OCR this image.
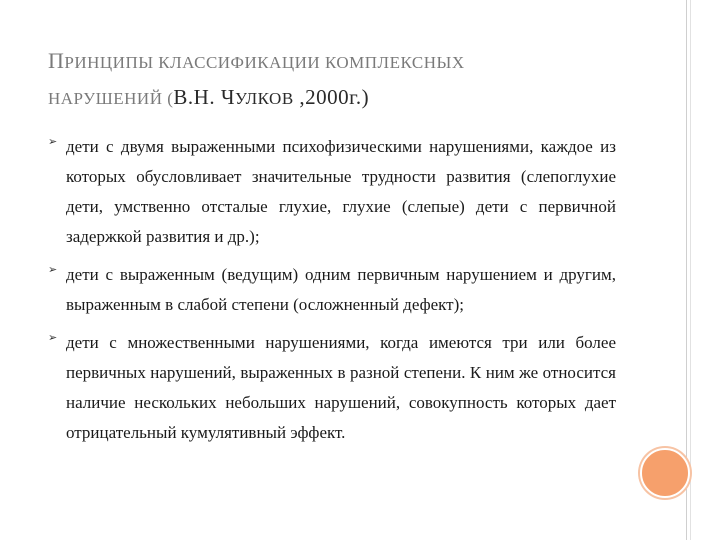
ПРИНЦИПЫ КЛАССИФИКАЦИИ КОМПЛЕКСНЫХ
НАРУШЕНИЙ (В.Н. ЧУЛКОВ ,2000г.)
➢ дети с двумя выраженными психофизическими нарушениями, каждое из которых обусловливает значительные трудности развития (слепоглухие дети, умственно отсталые глухие, глухие (слепые) дети с первичной задержкой развития и др.);
➢ дети с выраженным (ведущим) одним первичным нарушением и другим, выраженным в слабой степени (осложненный дефект);
➢ дети с множественными нарушениями, когда имеются три или более первичных нарушений, выраженных в разной степени. К ним же относится наличие нескольких небольших нарушений, совокупность которых дает отрицательный кумулятивный эффект.
